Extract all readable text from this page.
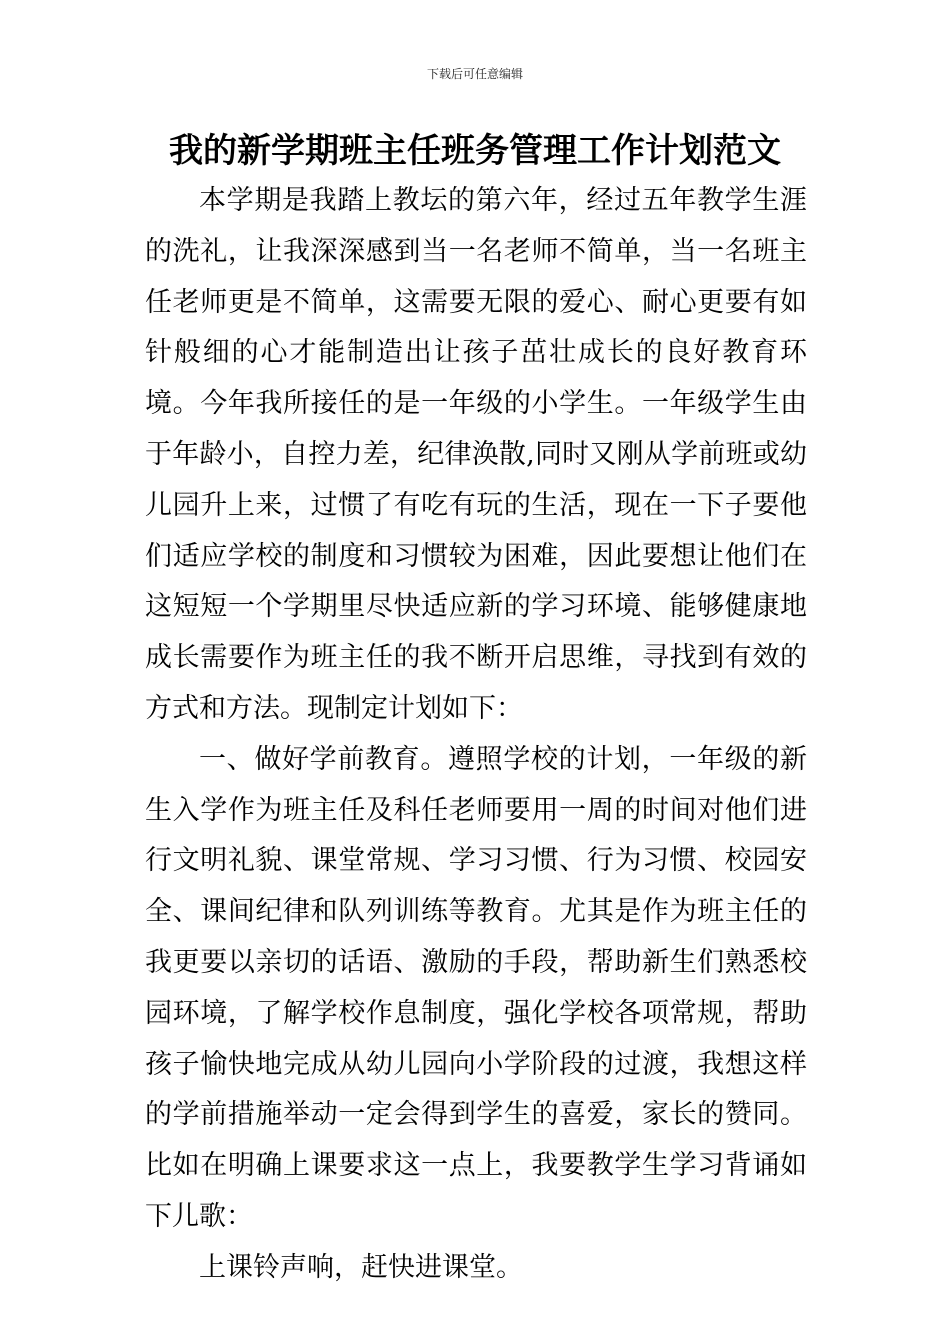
下载后可任意编辑
我的新学期班主任班务管理工作计划范文

本学期是我踏上教坛的第六年，经过五年教学生涯的洗礼，让我深深感到当一名老师不简单，当一名班主任老师更是不简单，这需要无限的爱心、耐心更要有如针般细的心才能制造出让孩子茁壮成长的良好教育环境。今年我所接任的是一年级的小学生。一年级学生由于年龄小，自控力差，纪律涣散,同时又刚从学前班或幼儿园升上来，过惯了有吃有玩的生活，现在一下子要他们适应学校的制度和习惯较为困难，因此要想让他们在这短短一个学期里尽快适应新的学习环境、能够健康地成长需要作为班主任的我不断开启思维，寻找到有效的方式和方法。现制定计划如下：

一、做好学前教育。遵照学校的计划，一年级的新生入学作为班主任及科任老师要用一周的时间对他们进行文明礼貌、课堂常规、学习习惯、行为习惯、校园安全、课间纪律和队列训练等教育。尤其是作为班主任的我更要以亲切的话语、激励的手段，帮助新生们熟悉校园环境，了解学校作息制度，强化学校各项常规，帮助孩子愉快地完成从幼儿园向小学阶段的过渡，我想这样的学前措施举动一定会得到学生的喜爱，家长的赞同。比如在明确上课要求这一点上，我要教学生学习背诵如下儿歌：

上课铃声响，赶快进课堂。
